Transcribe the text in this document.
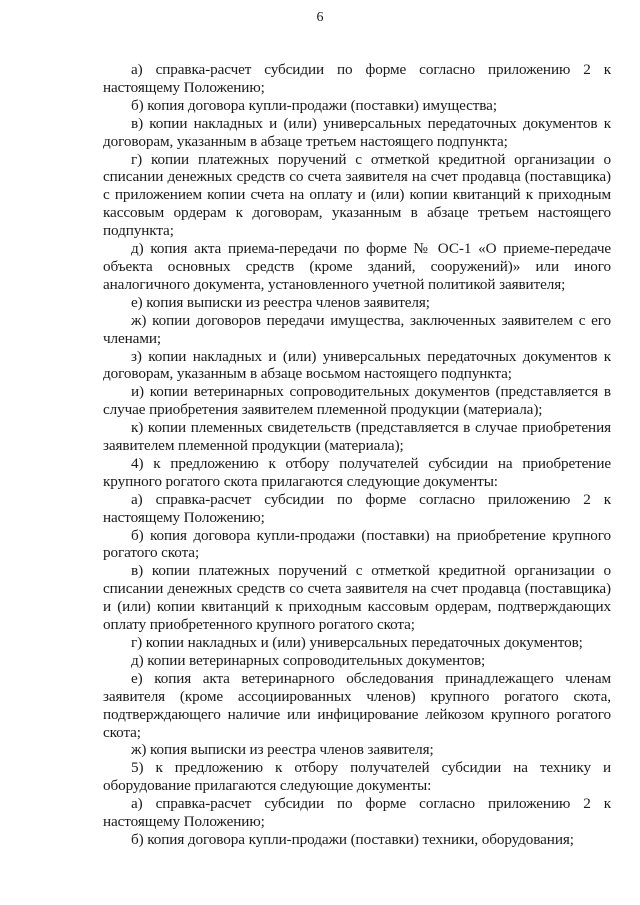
6

а) справка-расчет субсидии по форме согласно приложению 2 к настоящему Положению;

б) копия договора купли-продажи (поставки) имущества;

в) копии накладных и (или) универсальных передаточных документов к договорам, указанным в абзаце третьем настоящего подпункта;

г) копии платежных поручений с отметкой кредитной организации о списании денежных средств со счета заявителя на счет продавца (поставщика) с приложением копии счета на оплату и (или) копии квитанций к приходным кассовым ордерам к договорам, указанным в абзаце третьем настоящего подпункта;

д) копия акта приема-передачи по форме № ОС-1 «О приеме-передаче объекта основных средств (кроме зданий, сооружений)» или иного аналогичного документа, установленного учетной политикой заявителя;

е) копия выписки из реестра членов заявителя;

ж) копии договоров передачи имущества, заключенных заявителем с его членами;

з) копии накладных и (или) универсальных передаточных документов к договорам, указанным в абзаце восьмом настоящего подпункта;

и) копии ветеринарных сопроводительных документов (представляется в случае приобретения заявителем племенной продукции (материала);

к) копии племенных свидетельств (представляется в случае приобретения заявителем племенной продукции (материала);

4) к предложению к отбору получателей субсидии на приобретение крупного рогатого скота прилагаются следующие документы:

а) справка-расчет субсидии по форме согласно приложению 2 к настоящему Положению;

б) копия договора купли-продажи (поставки) на приобретение крупного рогатого скота;

в) копии платежных поручений с отметкой кредитной организации о списании денежных средств со счета заявителя на счет продавца (поставщика) и (или) копии квитанций к приходным кассовым ордерам, подтверждающих оплату приобретенного крупного рогатого скота;

г) копии накладных и (или) универсальных передаточных документов;

д) копии ветеринарных сопроводительных документов;

е) копия акта ветеринарного обследования принадлежащего членам заявителя (кроме ассоциированных членов) крупного рогатого скота, подтверждающего наличие или инфицирование лейкозом крупного рогатого скота;

ж) копия выписки из реестра членов заявителя;

5) к предложению к отбору получателей субсидии на технику и оборудование прилагаются следующие документы:

а) справка-расчет субсидии по форме согласно приложению 2 к настоящему Положению;

б) копия договора купли-продажи (поставки) техники, оборудования;
